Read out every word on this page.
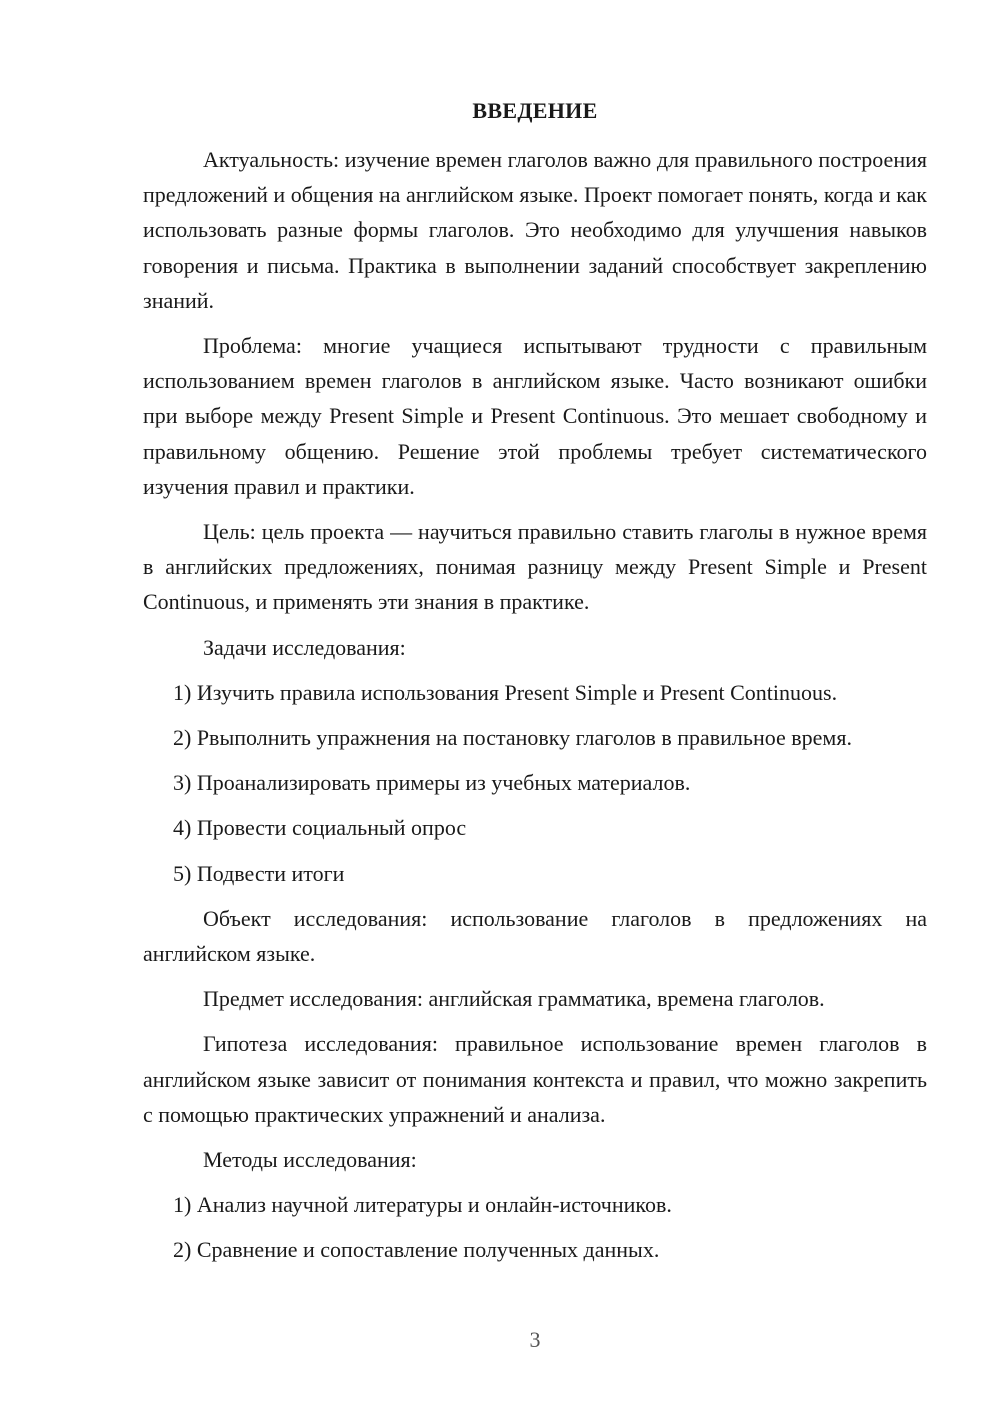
ВВЕДЕНИЕ

Актуальность: изучение времен глаголов важно для правильного построения предложений и общения на английском языке. Проект помогает понять, когда и как использовать разные формы глаголов. Это необходимо для улучшения навыков говорения и письма. Практика в выполнении заданий способствует закреплению знаний.

Проблема: многие учащиеся испытывают трудности с правильным использованием времен глаголов в английском языке. Часто возникают ошибки при выборе между Present Simple и Present Continuous. Это мешает свободному и правильному общению. Решение этой проблемы требует систематического изучения правил и практики.

Цель: цель проекта — научиться правильно ставить глаголы в нужное время в английских предложениях, понимая разницу между Present Simple и Present Continuous, и применять эти знания в практике.

Задачи исследования:

1) Изучить правила использования Present Simple и Present Continuous.

2) Рвыполнить упражнения на постановку глаголов в правильное время.

3) Проанализировать примеры из учебных материалов.

4) Провести социальный опрос

5) Подвести итоги

Объект исследования: использование глаголов в предложениях на английском языке.

Предмет исследования: английская грамматика, времена глаголов.

Гипотеза исследования: правильное использование времен глаголов в английском языке зависит от понимания контекста и правил, что можно закрепить с помощью практических упражнений и анализа.

Методы исследования:

1) Анализ научной литературы и онлайн-источников.

2) Сравнение и сопоставление полученных данных.

3
